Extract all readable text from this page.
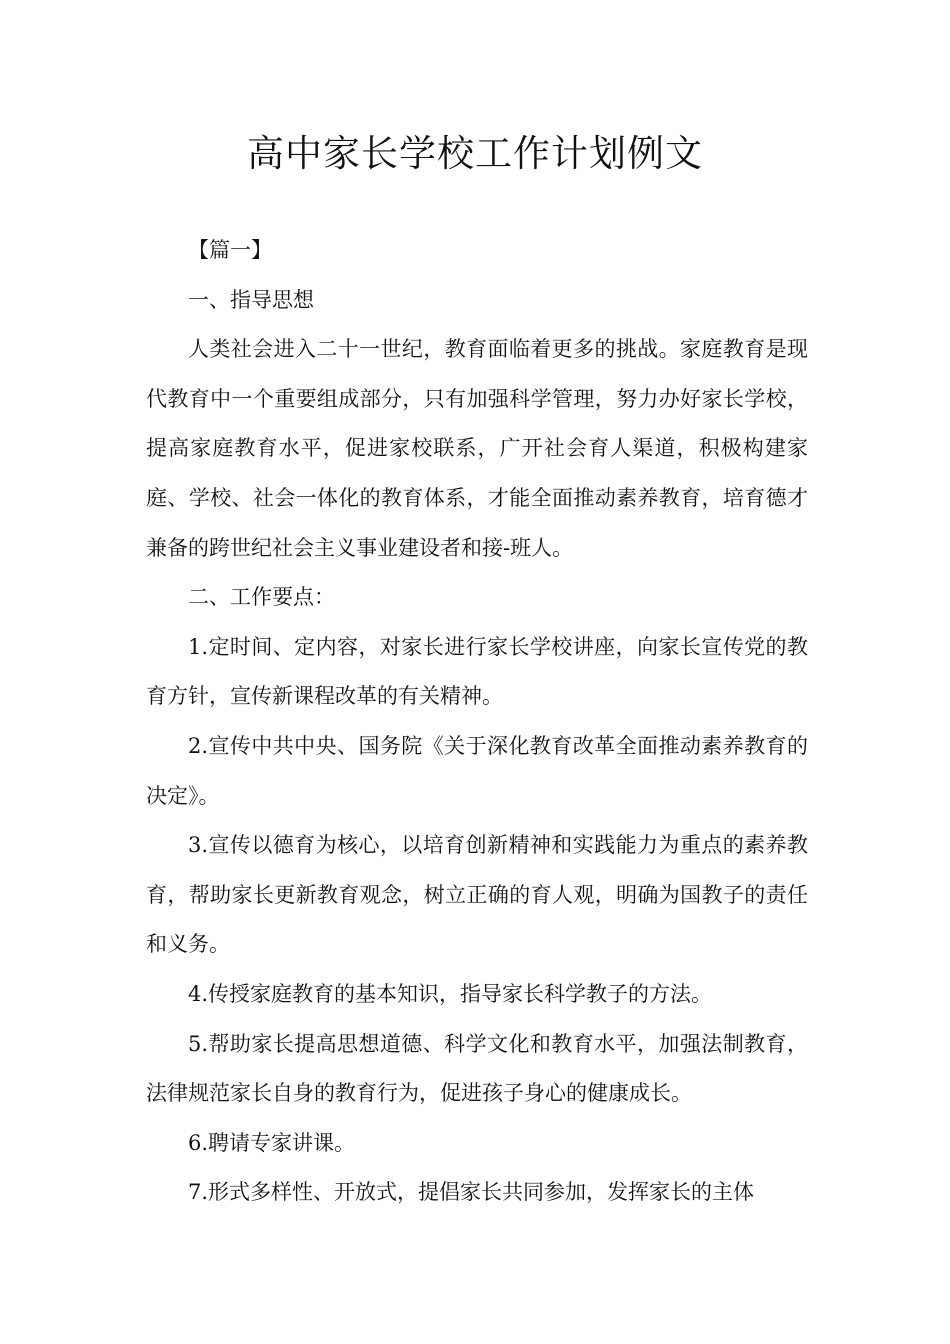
高中家长学校工作计划例文

【篇一】

一、指导思想

人类社会进入二十一世纪，教育面临着更多的挑战。家庭教育是现代教育中一个重要组成部分，只有加强科学管理，努力办好家长学校，提高家庭教育水平，促进家校联系，广开社会育人渠道，积极构建家庭、学校、社会一体化的教育体系，才能全面推动素养教育，培育德才兼备的跨世纪社会主义事业建设者和接-班人。

二、工作要点：

1.定时间、定内容，对家长进行家长学校讲座，向家长宣传党的教育方针，宣传新课程改革的有关精神。

2.宣传中共中央、国务院《关于深化教育改革全面推动素养教育的决定》。

3.宣传以德育为核心，以培育创新精神和实践能力为重点的素养教育，帮助家长更新教育观念，树立正确的育人观，明确为国教子的责任和义务。

4.传授家庭教育的基本知识，指导家长科学教子的方法。

5.帮助家长提高思想道德、科学文化和教育水平，加强法制教育，法律规范家长自身的教育行为，促进孩子身心的健康成长。

6.聘请专家讲课。

7.形式多样性、开放式，提倡家长共同参加，发挥家长的主体
